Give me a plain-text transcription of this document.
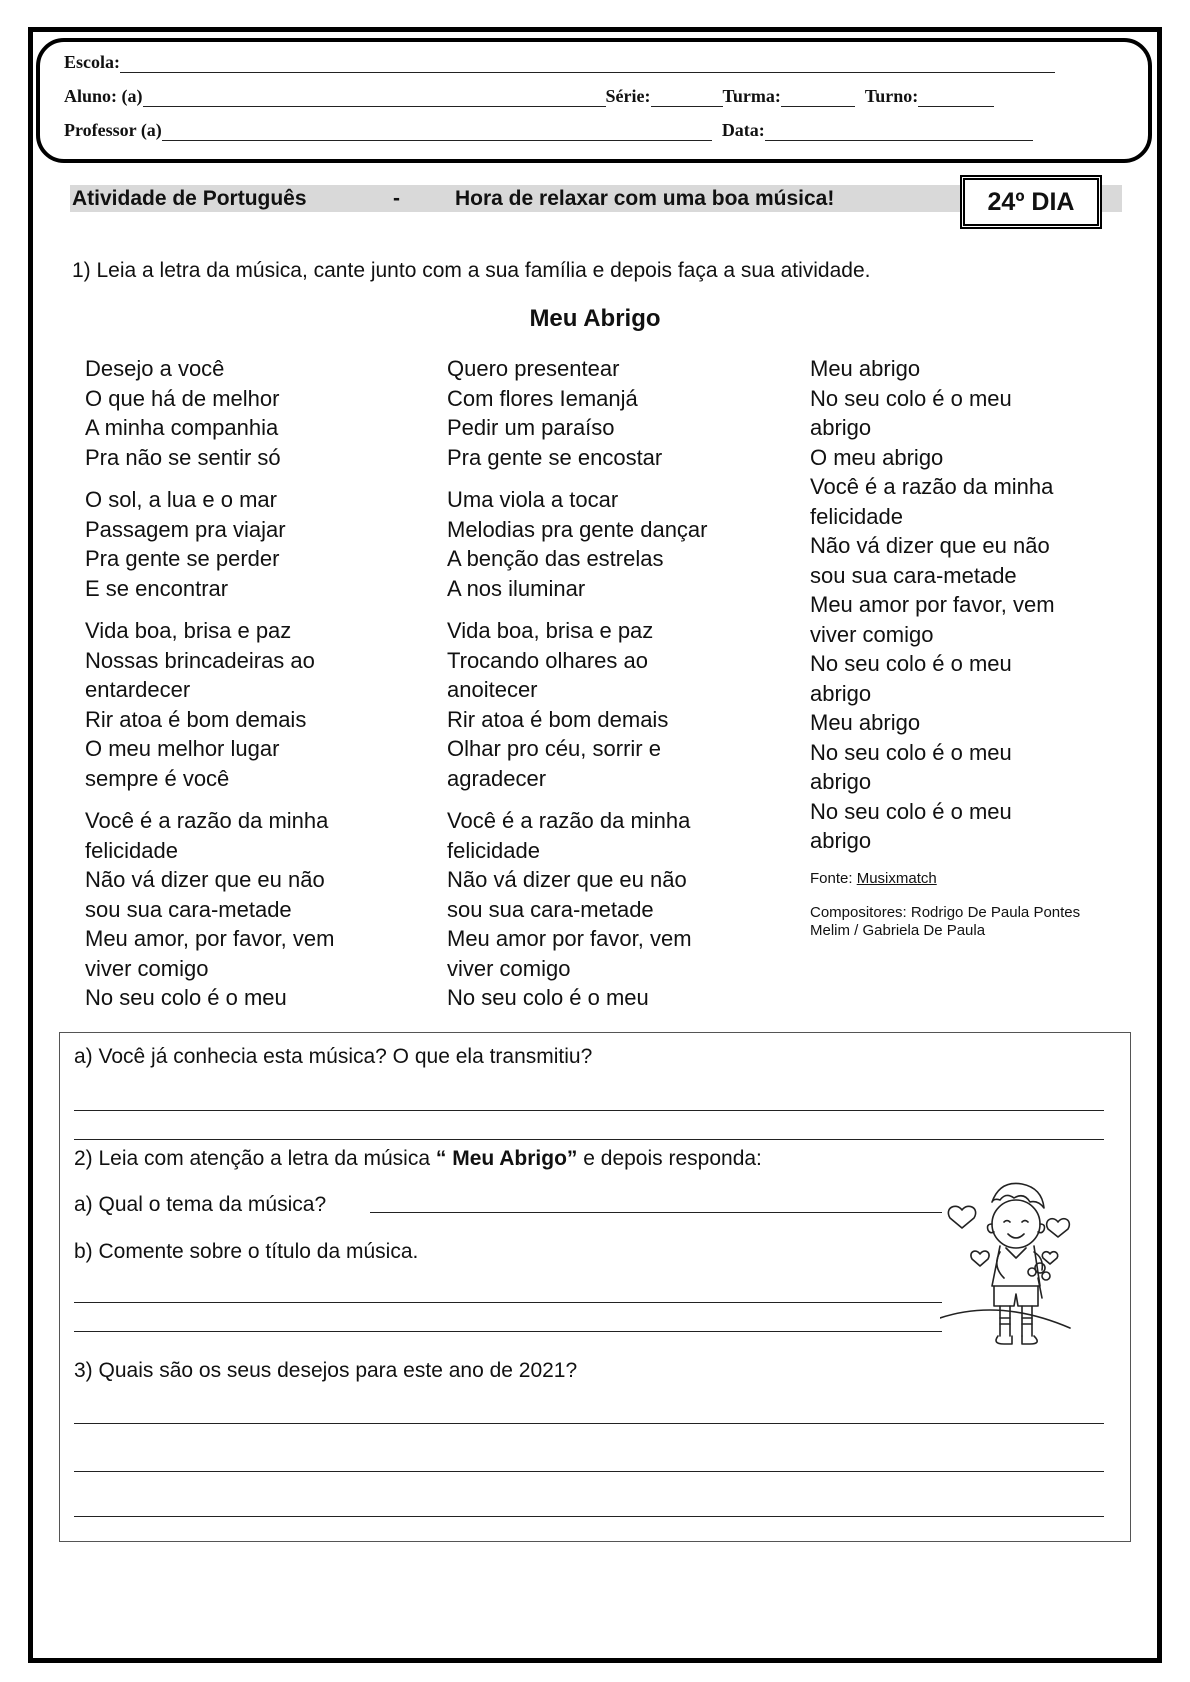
Escola:
Aluno: (a)	Série:	Turma:	Turno:
Professor (a)	Data:
Atividade de Português	-	Hora de relaxar com uma boa música!	24º DIA
1) Leia a letra da música, cante junto com a sua família e depois faça a sua atividade.
Meu Abrigo
Desejo a você
O que há de melhor
A minha companhia
Pra não se sentir só
O sol, a lua e o mar
Passagem pra viajar
Pra gente se perder
E se encontrar
Vida boa, brisa e paz
Nossas brincadeiras ao
entardecer
Rir atoa é bom demais
O meu melhor lugar
sempre é você
Você é a razão da minha
felicidade
Não vá dizer que eu não
sou sua cara-metade
Meu amor, por favor, vem
viver comigo
No seu colo é o meu
Quero presentear
Com flores Iemanjá
Pedir um paraíso
Pra gente se encostar
Uma viola a tocar
Melodias pra gente dançar
A benção das estrelas
A nos iluminar
Vida boa, brisa e paz
Trocando olhares ao
anoitecer
Rir atoa é bom demais
Olhar pro céu, sorrir e
agradecer
Você é a razão da minha
felicidade
Não vá dizer que eu não
sou sua cara-metade
Meu amor por favor, vem
viver comigo
No seu colo é o meu
Meu abrigo
No seu colo é o meu
abrigo
O meu abrigo
Você é a razão da minha
felicidade
Não vá dizer que eu não
sou sua cara-metade
Meu amor por favor, vem
viver comigo
No seu colo é o meu
abrigo
Meu abrigo
No seu colo é o meu
abrigo
No seu colo é o meu
abrigo
Fonte: Musixmatch
Compositores: Rodrigo De Paula Pontes
Melim / Gabriela De Paula
a) Você já conhecia esta música? O que ela transmitiu?
2) Leia com atenção a letra da música “ Meu Abrigo” e depois responda:
a) Qual o tema da música?
b) Comente sobre o título da música.
3) Quais são os seus desejos para este ano de 2021?
